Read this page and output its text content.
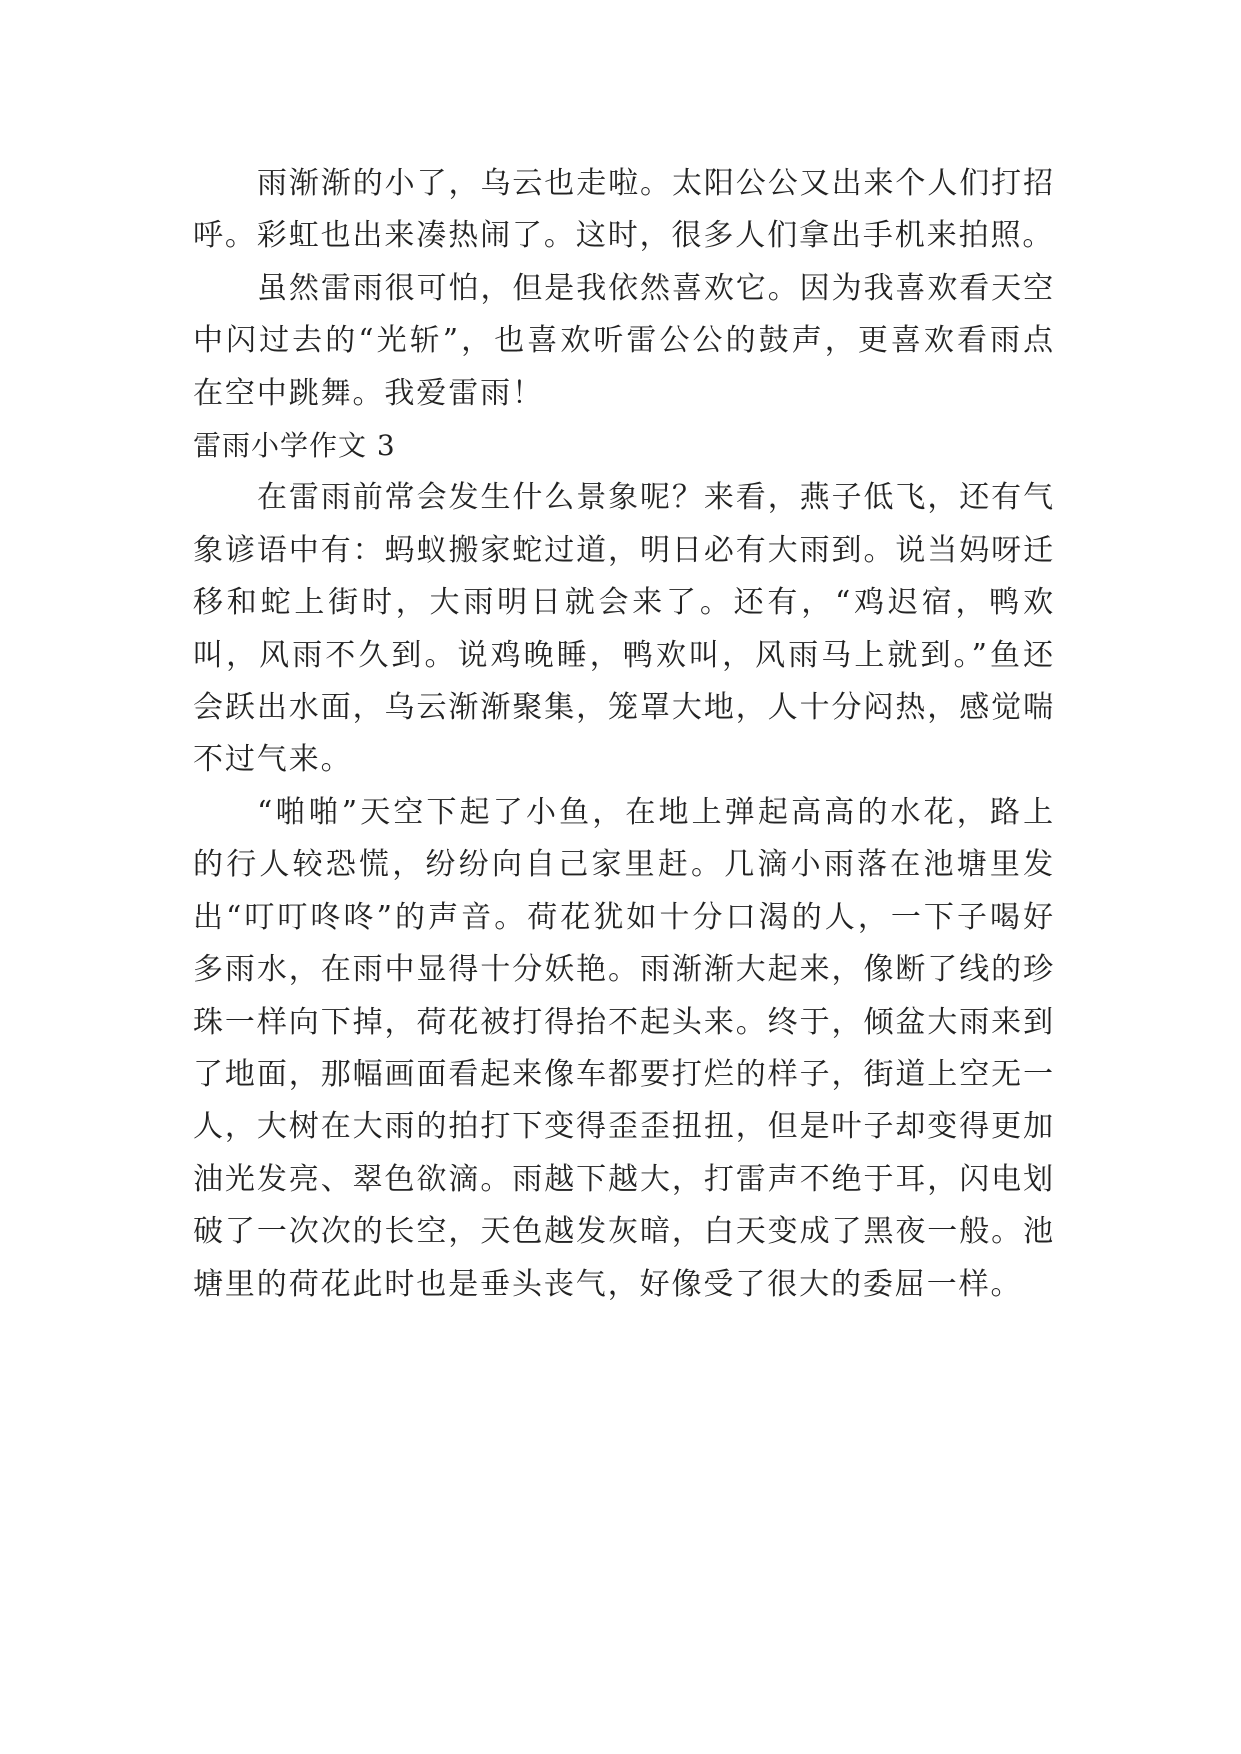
雨渐渐的小了，乌云也走啦。太阳公公又出来个人们打招呼。彩虹也出来凑热闹了。这时，很多人们拿出手机来拍照。

虽然雷雨很可怕，但是我依然喜欢它。因为我喜欢看天空中闪过去的“光斩”，也喜欢听雷公公的鼓声，更喜欢看雨点在空中跳舞。我爱雷雨！

雷雨小学作文 3

在雷雨前常会发生什么景象呢？来看，燕子低飞，还有气象谚语中有：蚂蚁搬家蛇过道，明日必有大雨到。说当妈呀迁移和蛇上街时，大雨明日就会来了。还有，“鸡迟宿，鸭欢叫，风雨不久到。说鸡晚睡，鸭欢叫，风雨马上就到。”鱼还会跃出水面，乌云渐渐聚集，笼罩大地，人十分闷热，感觉喘不过气来。

“啪啪”天空下起了小鱼，在地上弹起高高的水花，路上的行人较恐慌，纷纷向自己家里赶。几滴小雨落在池塘里发出“叮叮咚咚”的声音。荷花犹如十分口渴的人，一下子喝好多雨水，在雨中显得十分妖艳。雨渐渐大起来，像断了线的珍珠一样向下掉，荷花被打得抬不起头来。终于，倾盆大雨来到了地面，那幅画面看起来像车都要打烂的样子，街道上空无一人，大树在大雨的拍打下变得歪歪扭扭，但是叶子却变得更加油光发亮、翠色欲滴。雨越下越大，打雷声不绝于耳，闪电划破了一次次的长空，天色越发灰暗，白天变成了黑夜一般。池塘里的荷花此时也是垂头丧气，好像受了很大的委屈一样。
